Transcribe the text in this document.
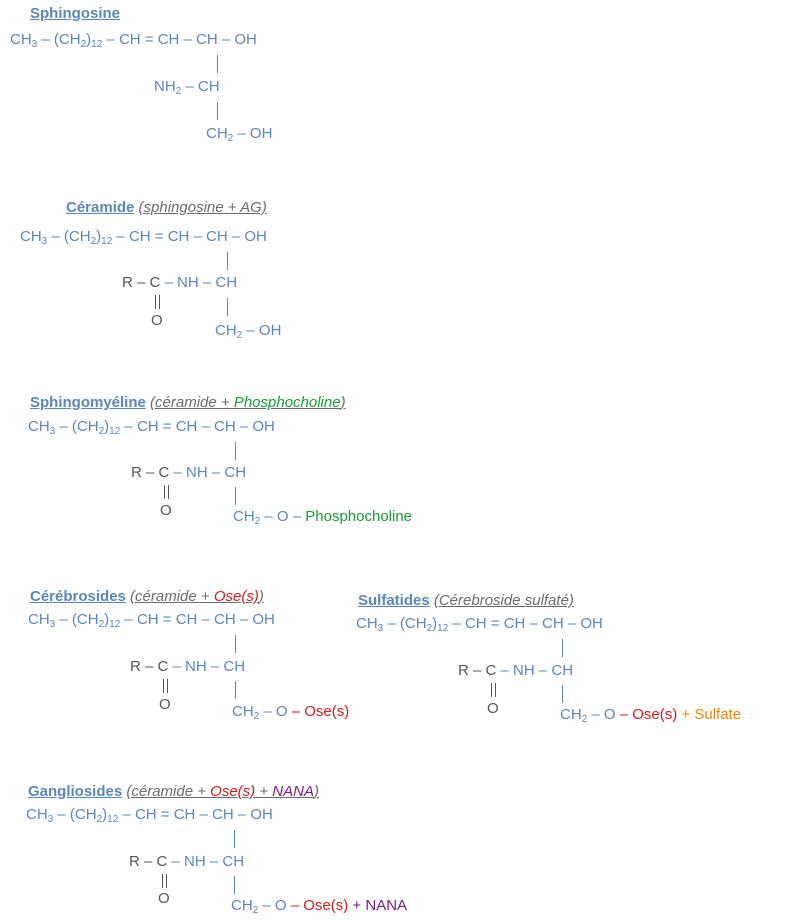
Sphingosine
$CH_3 - (CH_2)_{12}$ – CH = CH – CH – OH
$NH_2$ – CH
$CH_2$ – OH
Céramide (sphingosine + AG)
$CH_3 - (CH_2)_{12}$ – CH = CH – CH – OH
R – C – NH – CH
O
$CH_2$ – OH
Sphingomyéline (céramide + Phosphocholine)
$CH_3 - (CH_2)_{12}$ – CH = CH – CH – OH
R – C – NH – CH
O	$CH_2$ – O – Phosphocholine
Cérébrosides (céramide + Ose(s))
$CH_3 - (CH_2)_{12}$ – CH = CH – CH – OH
R – C – NH – CH
O	$CH_2$ – O – Ose(s)
Sulfatides (Cérebroside sulfaté)
$CH_3 - (CH_2)_{12}$ – CH = CH – CH – OH
R – C – NH – CH
O	$CH_2$ – O – Ose(s) + Sulfate
Gangliosides (céramide + Ose(s) + NANA)
$CH_3 - (CH_2)_{12}$ – CH = CH – CH – OH
R – C – NH – CH
O	$CH_2$ – O – Ose(s) + NANA
